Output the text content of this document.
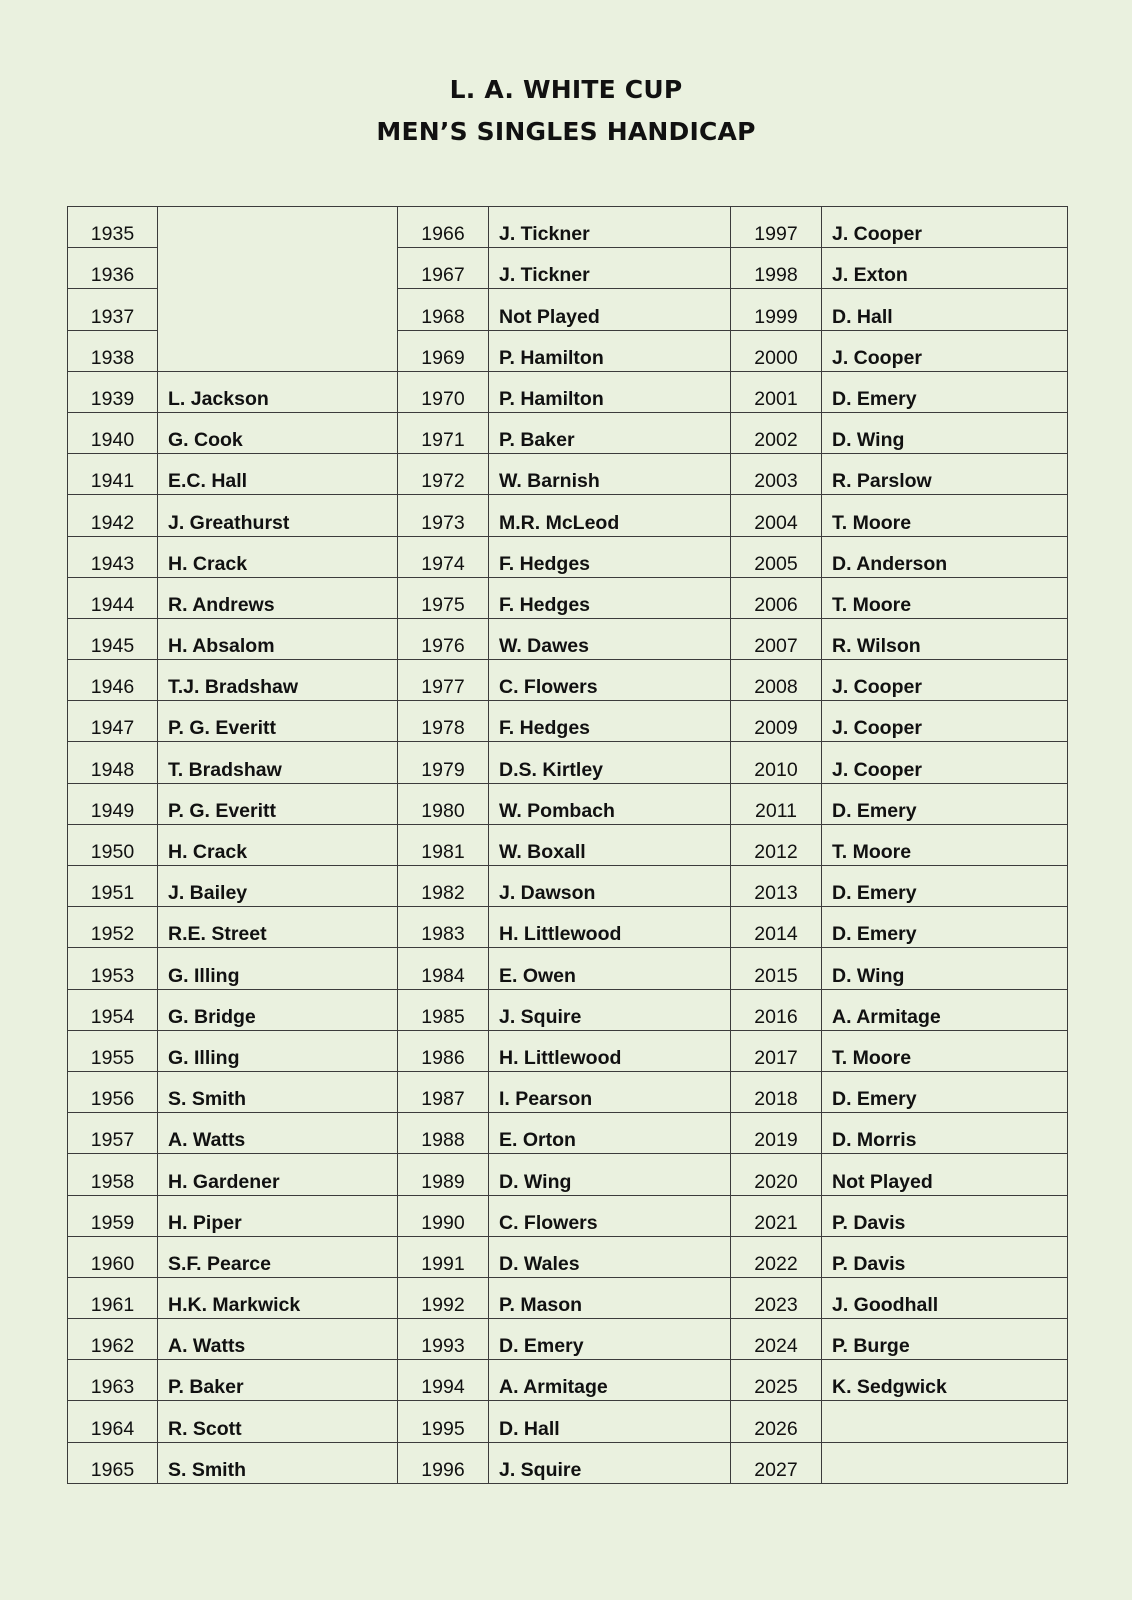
L. A. WHITE CUP
MEN’S SINGLES HANDICAP
1935		1966	J. Tickner	1997	J. Cooper
1936		1967	J. Tickner	1998	J. Exton
1937		1968	Not Played	1999	D. Hall
1938		1969	P. Hamilton	2000	J. Cooper
1939	L. Jackson	1970	P. Hamilton	2001	D. Emery
1940	G. Cook	1971	P. Baker	2002	D. Wing
1941	E.C. Hall	1972	W. Barnish	2003	R. Parslow
1942	J. Greathurst	1973	M.R. McLeod	2004	T. Moore
1943	H. Crack	1974	F. Hedges	2005	D. Anderson
1944	R. Andrews	1975	F. Hedges	2006	T. Moore
1945	H. Absalom	1976	W. Dawes	2007	R. Wilson
1946	T.J. Bradshaw	1977	C. Flowers	2008	J. Cooper
1947	P. G. Everitt	1978	F. Hedges	2009	J. Cooper
1948	T. Bradshaw	1979	D.S. Kirtley	2010	J. Cooper
1949	P. G. Everitt	1980	W. Pombach	2011	D. Emery
1950	H. Crack	1981	W. Boxall	2012	T. Moore
1951	J. Bailey	1982	J. Dawson	2013	D. Emery
1952	R.E. Street	1983	H. Littlewood	2014	D. Emery
1953	G. Illing	1984	E. Owen	2015	D. Wing
1954	G. Bridge	1985	J. Squire	2016	A. Armitage
1955	G. Illing	1986	H. Littlewood	2017	T. Moore
1956	S. Smith	1987	I. Pearson	2018	D. Emery
1957	A. Watts	1988	E. Orton	2019	D. Morris
1958	H. Gardener	1989	D. Wing	2020	Not Played
1959	H. Piper	1990	C. Flowers	2021	P. Davis
1960	S.F. Pearce	1991	D. Wales	2022	P. Davis
1961	H.K. Markwick	1992	P. Mason	2023	J. Goodhall
1962	A. Watts	1993	D. Emery	2024	P. Burge
1963	P. Baker	1994	A. Armitage	2025	K. Sedgwick
1964	R. Scott	1995	D. Hall	2026	
1965	S. Smith	1996	J. Squire	2027	
